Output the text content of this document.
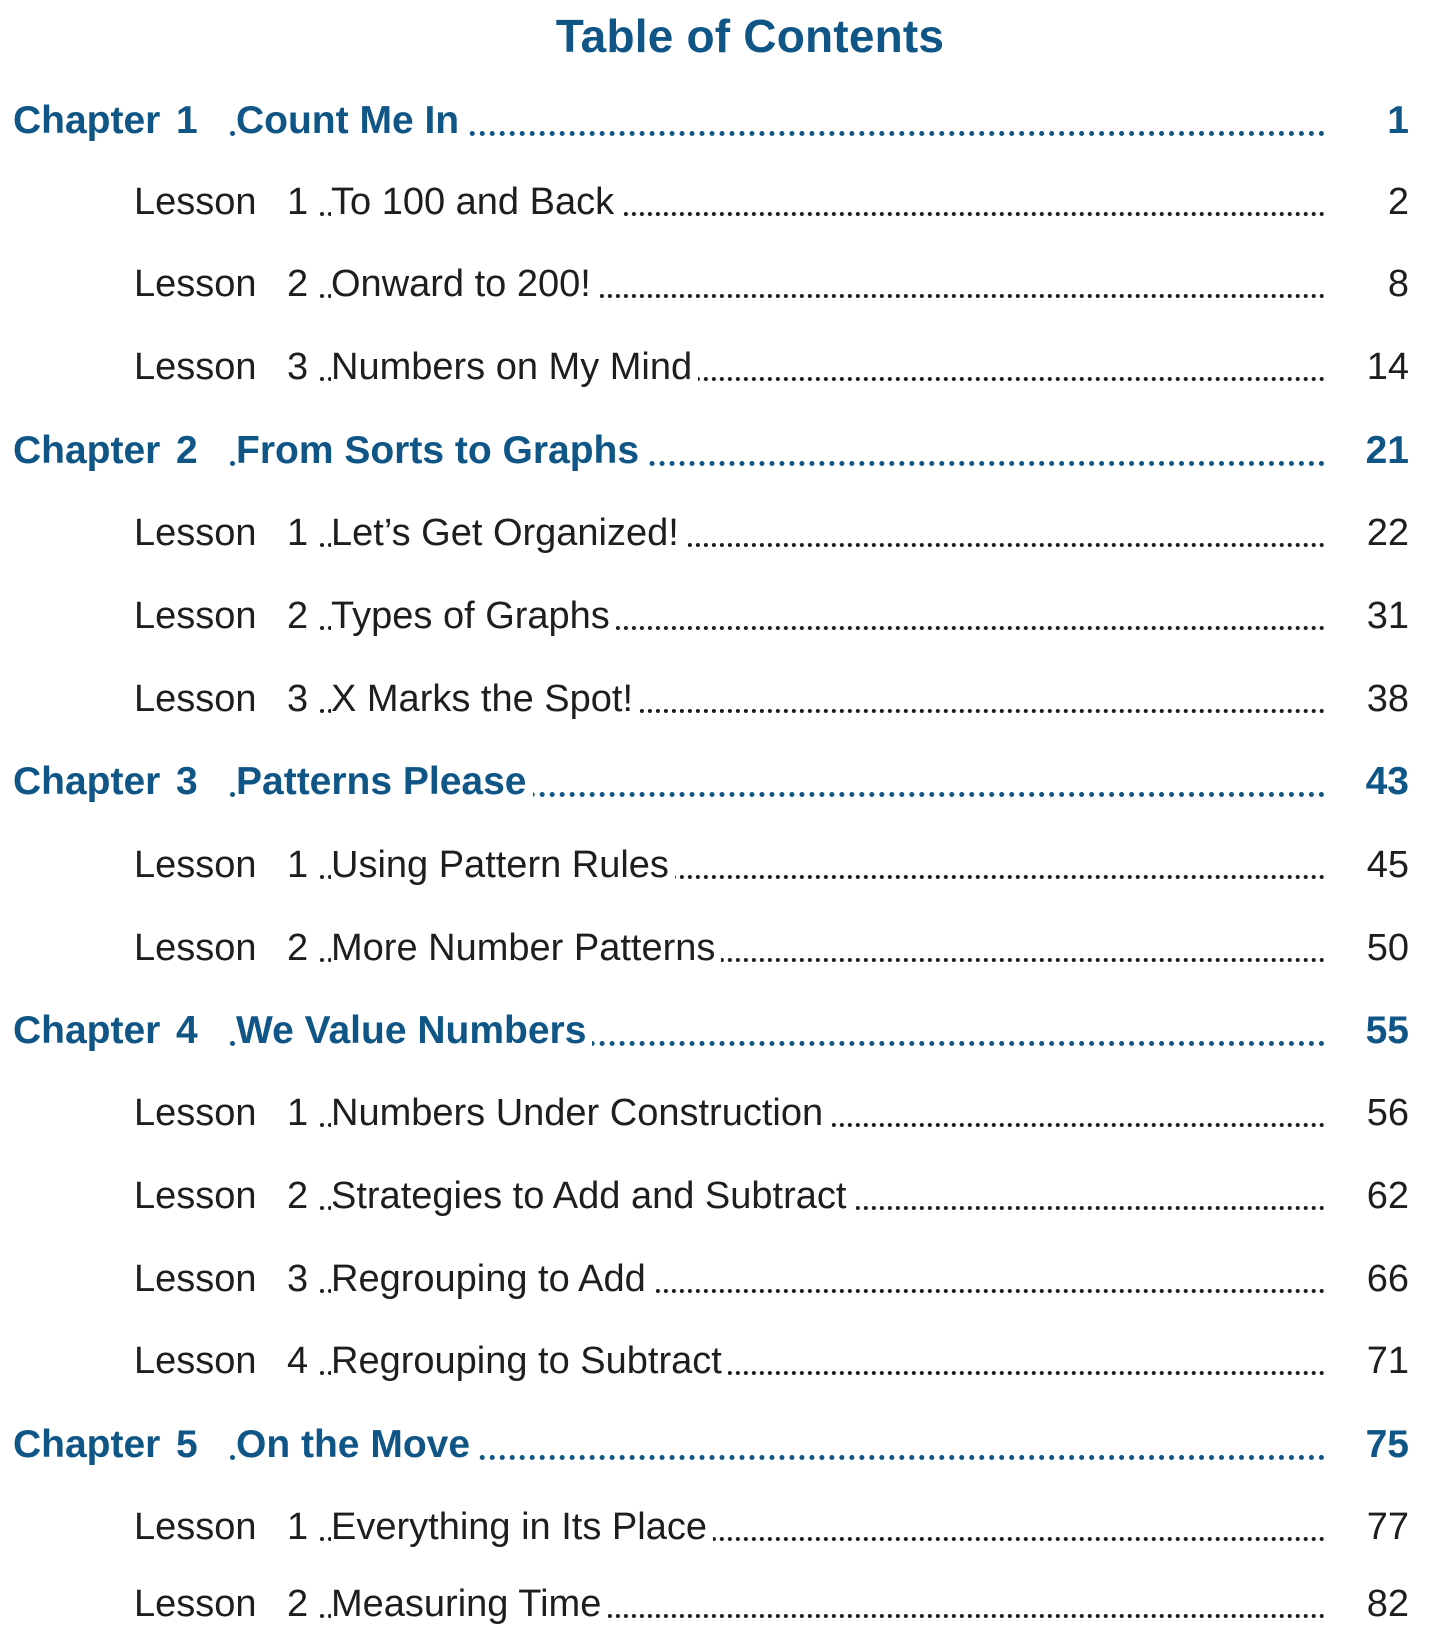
Table of Contents
Chapter 1 Count Me In	1
Lesson 1 To 100 and Back	2
Lesson 2 Onward to 200!	8
Lesson 3 Numbers on My Mind	14
Chapter 2 From Sorts to Graphs	21
Lesson 1 Let’s Get Organized!	22
Lesson 2 Types of Graphs	31
Lesson 3 X Marks the Spot!	38
Chapter 3 Patterns Please	43
Lesson 1 Using Pattern Rules	45
Lesson 2 More Number Patterns	50
Chapter 4 We Value Numbers	55
Lesson 1 Numbers Under Construction	56
Lesson 2 Strategies to Add and Subtract	62
Lesson 3 Regrouping to Add	66
Lesson 4 Regrouping to Subtract	71
Chapter 5 On the Move	75
Lesson 1 Everything in Its Place	77
Lesson 2 Measuring Time	82
